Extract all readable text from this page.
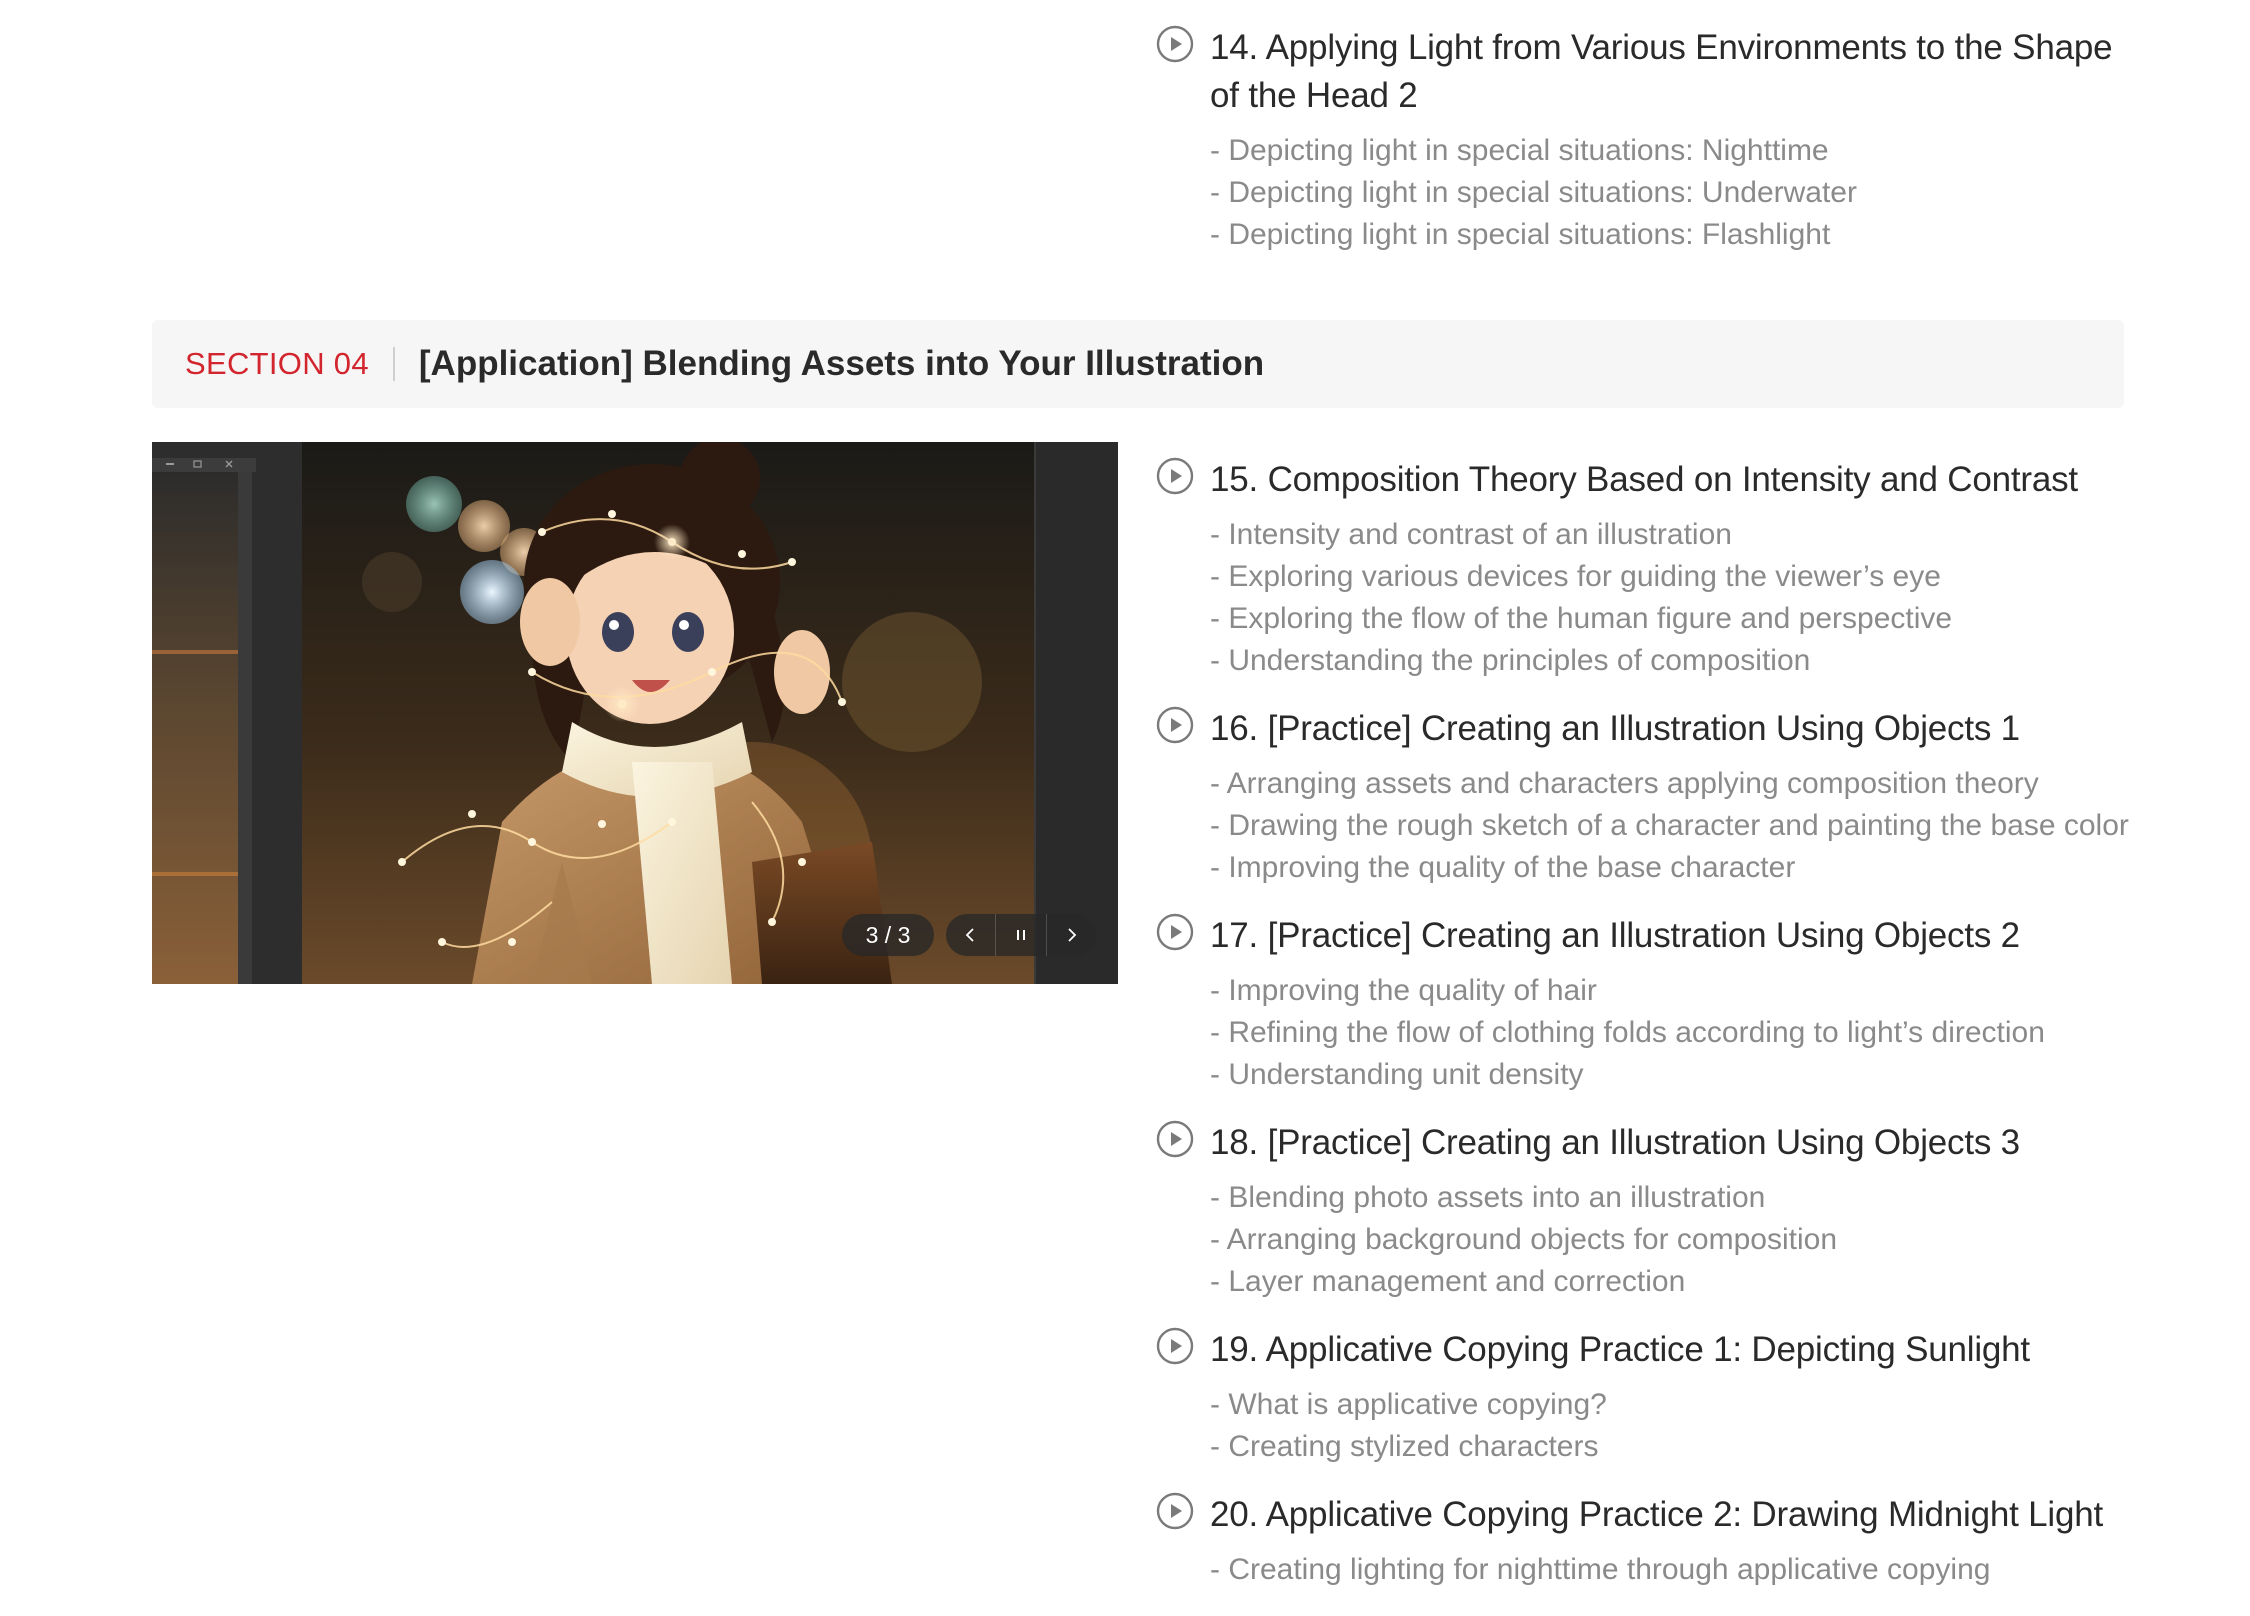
14. Applying Light from Various Environments to the Shape of the Head 2
- Depicting light in special situations: Nighttime
- Depicting light in special situations: Underwater
- Depicting light in special situations: Flashlight
SECTION 04 [Application] Blending Assets into Your Illustration
3 / 3
15. Composition Theory Based on Intensity and Contrast
- Intensity and contrast of an illustration
- Exploring various devices for guiding the viewer’s eye
- Exploring the flow of the human figure and perspective
- Understanding the principles of composition
16. [Practice] Creating an Illustration Using Objects 1
- Arranging assets and characters applying composition theory
- Drawing the rough sketch of a character and painting the base color
- Improving the quality of the base character
17. [Practice] Creating an Illustration Using Objects 2
- Improving the quality of hair
- Refining the flow of clothing folds according to light’s direction
- Understanding unit density
18. [Practice] Creating an Illustration Using Objects 3
- Blending photo assets into an illustration
- Arranging background objects for composition
- Layer management and correction
19. Applicative Copying Practice 1: Depicting Sunlight
- What is applicative copying?
- Creating stylized characters
20. Applicative Copying Practice 2: Drawing Midnight Light
- Creating lighting for nighttime through applicative copying
